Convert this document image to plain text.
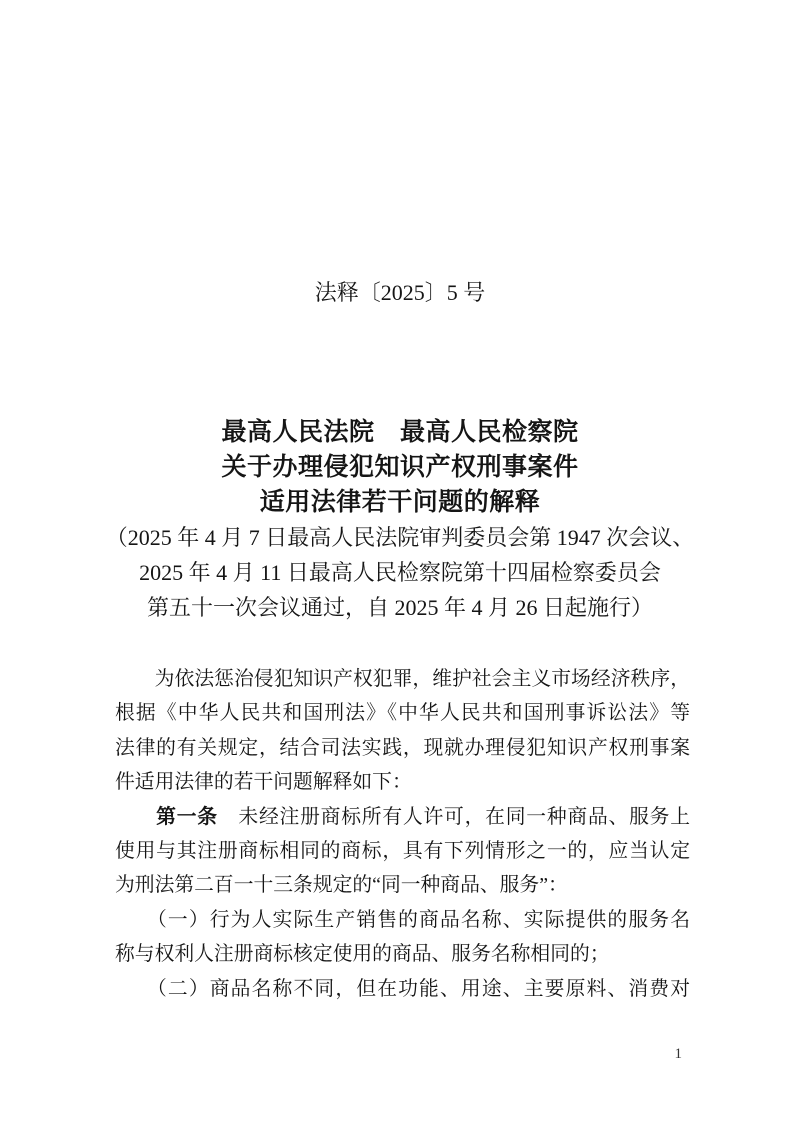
法释〔2025〕5 号
最高人民法院　最高人民检察院
关于办理侵犯知识产权刑事案件
适用法律若干问题的解释
（2025 年 4 月 7 日最高人民法院审判委员会第 1947 次会议、
2025 年 4 月 11 日最高人民检察院第十四届检察委员会
第五十一次会议通过，自 2025 年 4 月 26 日起施行）
　　为依法惩治侵犯知识产权犯罪，维护社会主义市场经济秩序，
根据《中华人民共和国刑法》《中华人民共和国刑事诉讼法》等
法律的有关规定，结合司法实践，现就办理侵犯知识产权刑事案
件适用法律的若干问题解释如下：
　　第一条　未经注册商标所有人许可，在同一种商品、服务上
使用与其注册商标相同的商标，具有下列情形之一的，应当认定
为刑法第二百一十三条规定的“同一种商品、服务”：
　　（一）行为人实际生产销售的商品名称、实际提供的服务名
称与权利人注册商标核定使用的商品、服务名称相同的；
　　（二）商品名称不同，但在功能、用途、主要原料、消费对
1
